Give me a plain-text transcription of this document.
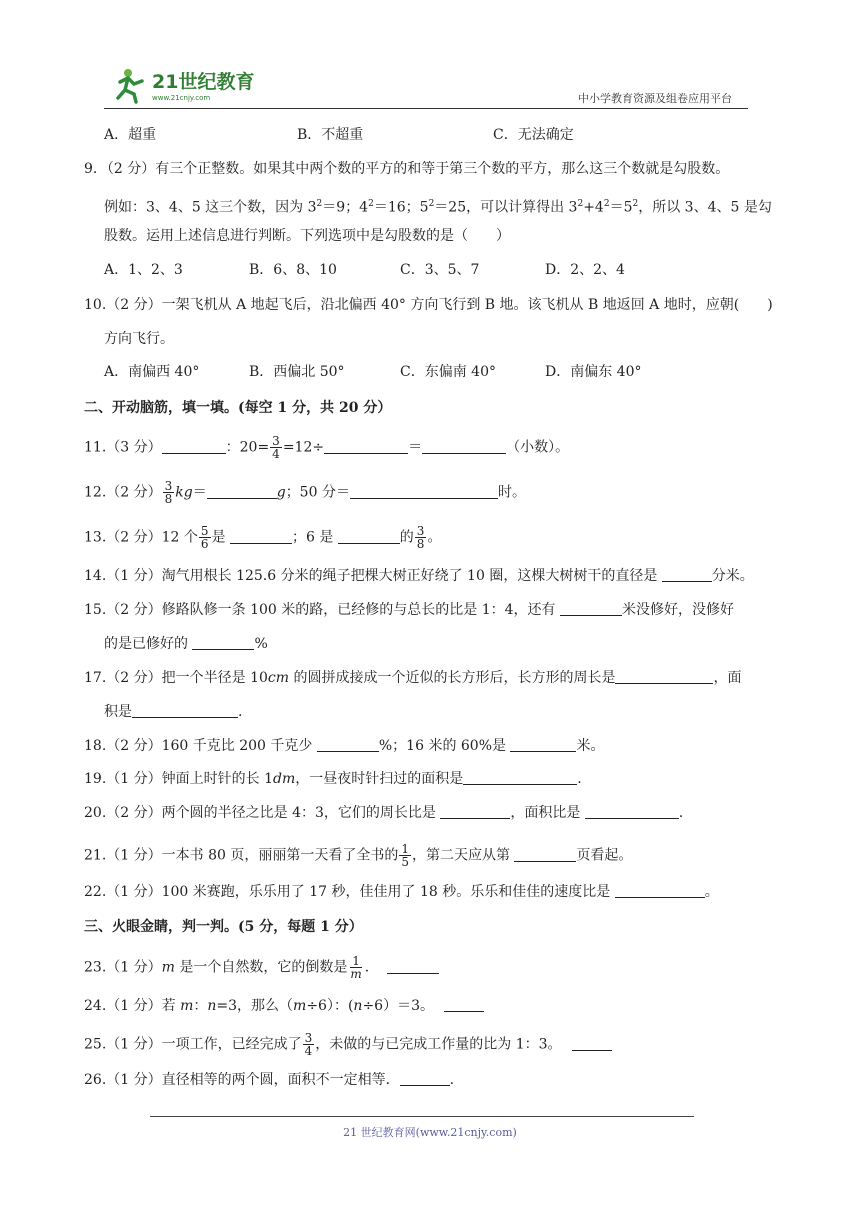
21世纪教育
www.21cnjy.com	中小学教育资源及组卷应用平台
A．超重	B．不超重	C．无法确定
9．（2 分）有三个正整数。如果其中两个数的平方的和等于第三个数的平方，那么这三个数就是勾股数。
例如：3、4、5 这三个数，因为 $3^2=9$；$4^2=16$；$5^2=25$，可以计算得出 $3^2+4^2=5^2$，所以 3、4、5 是勾
股数。运用上述信息进行判断。下列选项中是勾股数的是（　　）
A．1、2、3	B．6、8、10	C．3、5、7	D．2、2、4
10.（2 分）一架飞机从 A 地起飞后，沿北偏西 40° 方向飞行到 B 地。该飞机从 B 地返回 A 地时，应朝(　　)
方向飞行。
A．南偏西 40°	B．西偏北 50°	C．东偏南 40°	D．南偏东 40°
二、开动脑筋，填一填。(每空 1 分，共 20 分）
11.（3 分）	：$20= \frac{3}{4} =12\div$	＝	（小数）。
12.（2 分） $\frac{3}{8} kg=$	g；50 分＝	时。
13.（2 分）12 个 $\frac{5}{6}$ 是	；6 是	的 $\frac{3}{8}$ 。
14.（1 分）淘气用根长 125.6 分米的绳子把棵大树正好绕了 10 圈，这棵大树树干的直径是	分米。
15.（2 分）修路队修一条 100 米的路，已经修的与总长的比是 1：4，还有	米没修好，没修好
的是已修好的	%
17.（2 分）把一个半径是 10cm 的圆拼成接成一个近似的长方形后，长方形的周长是	，面
积是	.
18.（2 分）160 千克比 200 千克少	%；16 米的 60%是	米。
19.（1 分）钟面上时针的长 1dm，一昼夜时针扫过的面积是	.
20.（2 分）两个圆的半径之比是 4：3，它们的周长比是	，面积比是	.
21.（1 分）一本书 80 页，丽丽第一天看了全书的 $\frac{1}{5}$ ，第二天应从第	页看起。
22.（1 分）100 米赛跑，乐乐用了 17 秒，佳佳用了 18 秒。乐乐和佳佳的速度比是	。
三、火眼金睛，判一判。(5 分，每题 1 分）
23.（1 分）m 是一个自然数，它的倒数是 $\frac{1}{m}$ ．
24.（1 分）若 m：n=3，那么（m÷6）：(n÷6）＝3。
25.（1 分）一项工作，已经完成了 $\frac{3}{4}$ ，未做的与已完成工作量的比为 1：3。
26.（1 分）直径相等的两个圆，面积不一定相等．	.
21 世纪教育网(www.21cnjy.com)
